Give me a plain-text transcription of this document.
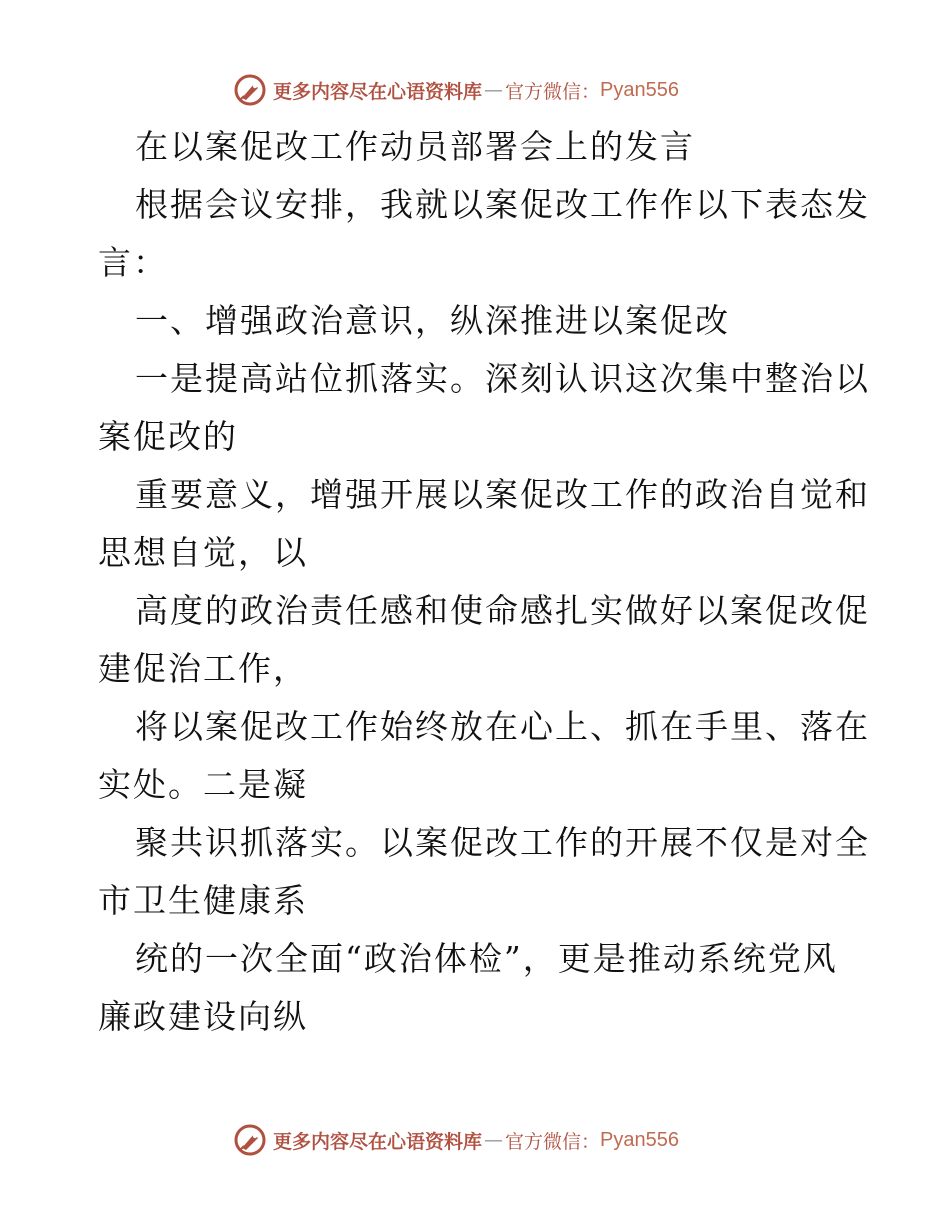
更多内容尽在心语资料库 — 官方微信： Pyan556
在以案促改工作动员部署会上的发言
根据会议安排，我就以案促改工作作以下表态发
言：
一、增强政治意识，纵深推进以案促改
一是提高站位抓落实。深刻认识这次集中整治以
案促改的
重要意义，增强开展以案促改工作的政治自觉和
思想自觉，以
高度的政治责任感和使命感扎实做好以案促改促
建促治工作，
将以案促改工作始终放在心上、抓在手里、落在
实处。二是凝
聚共识抓落实。以案促改工作的开展不仅是对全
市卫生健康系
统的一次全面“政治体检”，更是推动系统党风
廉政建设向纵
更多内容尽在心语资料库 — 官方微信： Pyan556
